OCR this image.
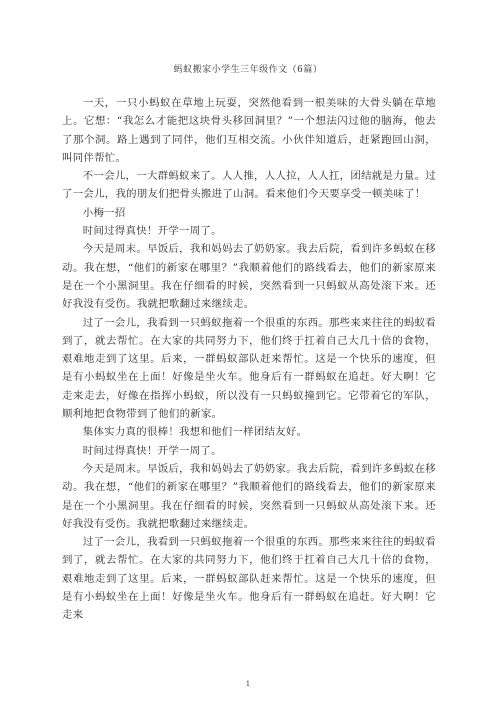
蚂蚁搬家小学生三年级作文（6篇）

一天，一只小蚂蚁在草地上玩耍，突然他看到一根美味的大骨头躺在草地上。它想：“我怎么才能把这块骨头移回洞里？”一个想法闪过他的脑海，他去了那个洞。路上遇到了同伴，他们互相交流。小伙伴知道后，赶紧跑回山洞，叫同伴帮忙。

不一会儿，一大群蚂蚁来了。人人推，人人拉，人人扛，团结就是力量。过了一会儿，我的朋友们把骨头搬进了山洞。看来他们今天要享受一顿美味了！

小梅一招

时间过得真快！开学一周了。

今天是周末。早饭后，我和妈妈去了奶奶家。我去后院，看到许多蚂蚁在移动。我在想，“他们的新家在哪里？”我顺着他们的路线看去，他们的新家原来是在一个小黑洞里。我在仔细看的时候，突然看到一只蚂蚁从高处滚下来。还好我没有受伤。我就把歌翻过来继续走。

过了一会儿，我看到一只蚂蚁拖着一个很重的东西。那些来来往往的蚂蚁看到了，就去帮忙。在大家的共同努力下，他们终于扛着自己大几十倍的食物，艰难地走到了这里。后来，一群蚂蚁部队赶来帮忙。这是一个快乐的速度，但是有小蚂蚁坐在上面！好像是坐火车。他身后有一群蚂蚁在追赶。好大啊！它走来走去，好像在指挥小蚂蚁，所以没有一只蚂蚁撞到它。它带着它的军队，顺利地把食物带到了他们的新家。

集体实力真的很棒！我想和他们一样团结友好。

时间过得真快！开学一周了。

今天是周末。早饭后，我和妈妈去了奶奶家。我去后院，看到许多蚂蚁在移动。我在想，“他们的新家在哪里？”我顺着他们的路线看去，他们的新家原来是在一个小黑洞里。我在仔细看的时候，突然看到一只蚂蚁从高处滚下来。还好我没有受伤。我就把歌翻过来继续走。

过了一会儿，我看到一只蚂蚁拖着一个很重的东西。那些来来往往的蚂蚁看到了，就去帮忙。在大家的共同努力下，他们终于扛着自己大几十倍的食物，艰难地走到了这里。后来，一群蚂蚁部队赶来帮忙。这是一个快乐的速度，但是有小蚂蚁坐在上面！好像是坐火车。他身后有一群蚂蚁在追赶。好大啊！它走来

1
